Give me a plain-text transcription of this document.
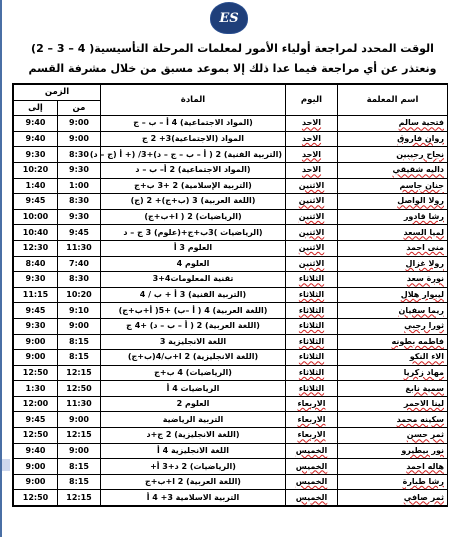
ES
الوقت المحدد لمراجعة أولياء الأمور لمعلمات المرحلة التأسيسية( 4 – 3 – 2)
ونعتذر عن أي مراجعة فيما عدا ذلك إلا بموعد مسبق من خلال مشرفة القسم
اسم المعلمة	اليوم	المادة	الزمن	
			من	إلى
فتحية سالم	الاحد	(المواد الاجتماعية) 4 أ – ب – ج	9:00	9:40
روان فاروق	الاحد	المواد (الاجتماعية)3+ 2 ج	9:00	9:40
نجاح رجيبين	الاحد	(التربية الفنية) 2 ( أ – ب – ج – د)+3/ (+ أ (ج – د)	8:30	9:30
داليه شقيقي	الاحد	(المواد الاجتماعية) 2 أ– ب – د	9:30	10:20
جنان جاسم	الاثنين	(التربية الإسلامية) 2 +3 ب+ج	1:00	1:40
رولا الواصل	الاثنين	(اللغة العربية) 3 (ب+ج)+ 2 (ج)	8:30	9:45
رشا قادور	الاثنين	(الرياضيات) 2 ( ا+ب+ج)	9:30	10:00
لميا السعد	الاثنين	(الرياضيات )3ب+ج+(علوم) 3 ج – د	9:45	10:40
منى احمد	الاثنين	العلوم 3 أ	11:30	12:30
رولا غزال	الاثنين	العلوم 4	7:40	8:40
نورة سعد	الثلاثاء	تقنية المعلومات4+3	8:30	9:30
ليبوار هلال	الثلاثاء	(التربية الفنية) 3 أ + ب / 4	10:20	11:15
ريما سفيان	الثلاثاء	(اللغة العربية) 4 ( أ –ب) +5( أ+ب+ج)	9:10	9:45
ثورا رجبي	الثلاثاء	(اللغة العربية) 2 ( أ – ب – د) +4 ج	9:00	9:30
فاطمه بطونه	الثلاثاء	اللغة الانجليزية 3	8:15	9:00
الاء النكو	الثلاثاء	(اللغة الانجليزية) 2 ا+ب/4(ب+ج)	8:15	9:00
مهاد زكريا	الثلاثاء	(الرياضيات) 4 ب+ج	12:15	12:50
سمية نابغ	الثلاثاء	الرياضيات 4 أ	12:50	1:30
لينا الاحمر	الاربعاء	العلوم 2	11:30	12:00
سكينه محمد	الاربعاء	التربية الرياضية	9:00	9:45
ثمر حسن	الاربعاء	(اللغة الانجليزية) 2 ج+د	12:15	12:50
نور بيطيرو	الخميس	اللغة الانجليزية 4 أ	9:00	9:40
هاله احمد	الخميس	(الرياضيات) 2 د+3 أ+	8:15	9:00
رشا طبارة	الخميس	(اللغة العربية) 2 ا+ب+ج	8:15	9:00
ثمر صافي	الخميس	التربية الاسلامية 3+ 4 أ	12:15	12:50
